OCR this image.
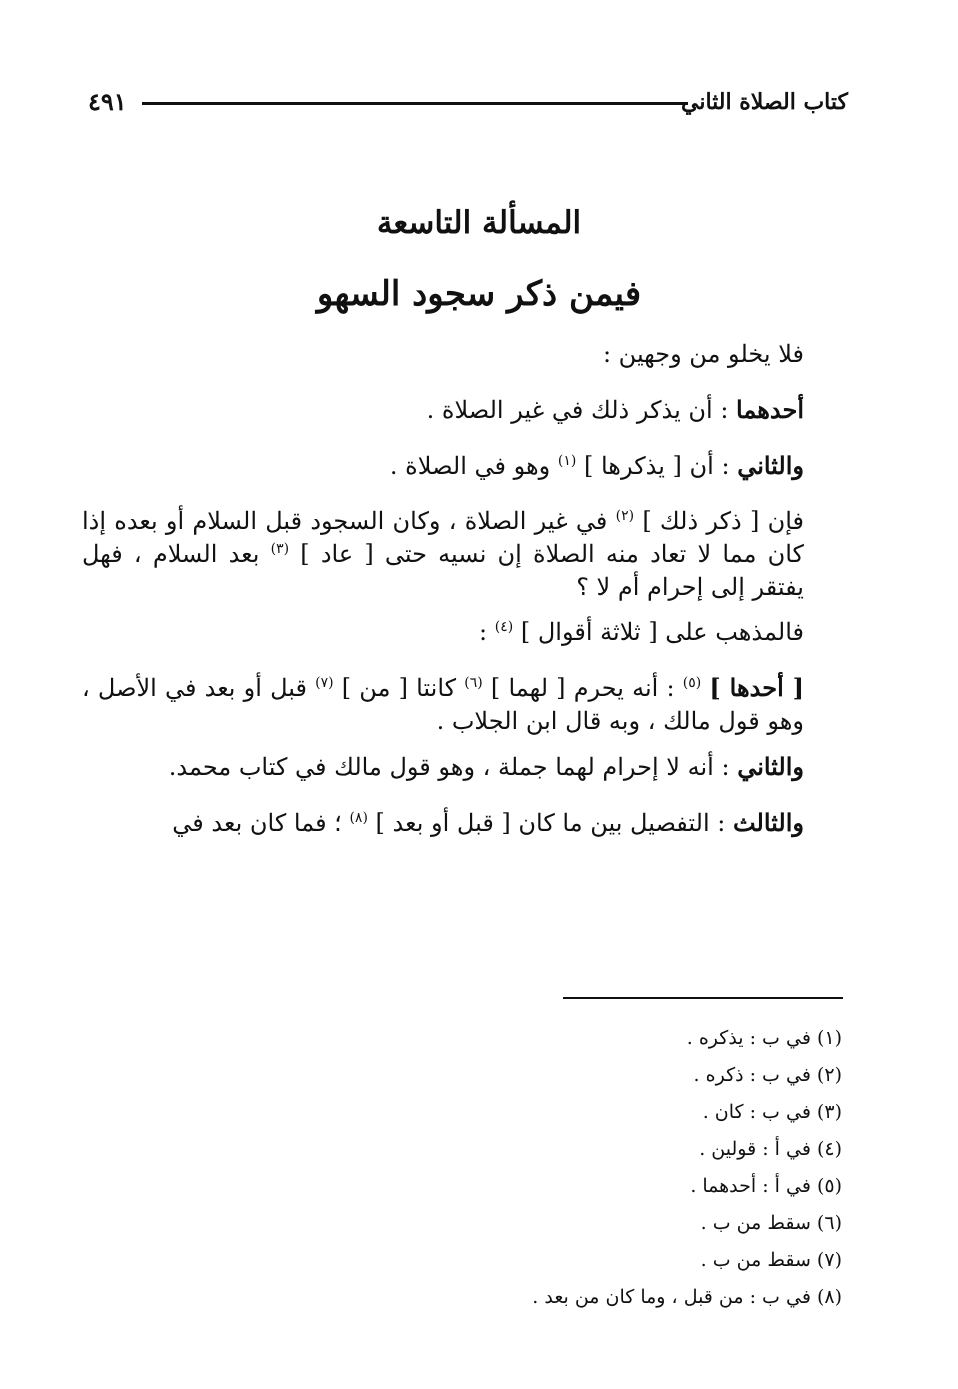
كتاب الصلاة الثاني
٤٩١
المسألة التاسعة
فيمن ذكر سجود السهو

فلا يخلو من وجهين :

أحدهما : أن يذكر ذلك في غير الصلاة .

والثاني : أن [ يذكرها ] $^{(١)}$ وهو في الصلاة .

فإن [ ذكر ذلك ] $^{(٢)}$ في غير الصلاة ، وكان السجود قبل السلام أو بعده إذا كان مما لا تعاد منه الصلاة إن نسيه حتى [ عاد ] $^{(٣)}$ بعد السلام ، فهل يفتقر إلى إحرام أم لا ؟

فالمذهب على [ ثلاثة أقوال ] $^{(٤)}$ :

[ أحدها ] $^{(٥)}$ : أنه يحرم [ لهما ] $^{(٦)}$ كانتا [ من ] $^{(٧)}$ قبل أو بعد في الأصل ، وهو قول مالك ، وبه قال ابن الجلاب .

والثاني : أنه لا إحرام لهما جملة ، وهو قول مالك في كتاب محمد.

والثالث : التفصيل بين ما كان [ قبل أو بعد ] $^{(٨)}$ ؛ فما كان بعد في

(١) في ب : يذكره .
(٢) في ب : ذكره .
(٣) في ب : كان .
(٤) في أ : قولين .
(٥) في أ : أحدهما .
(٦) سقط من ب .
(٧) سقط من ب .
(٨) في ب : من قبل ، وما كان من بعد .
